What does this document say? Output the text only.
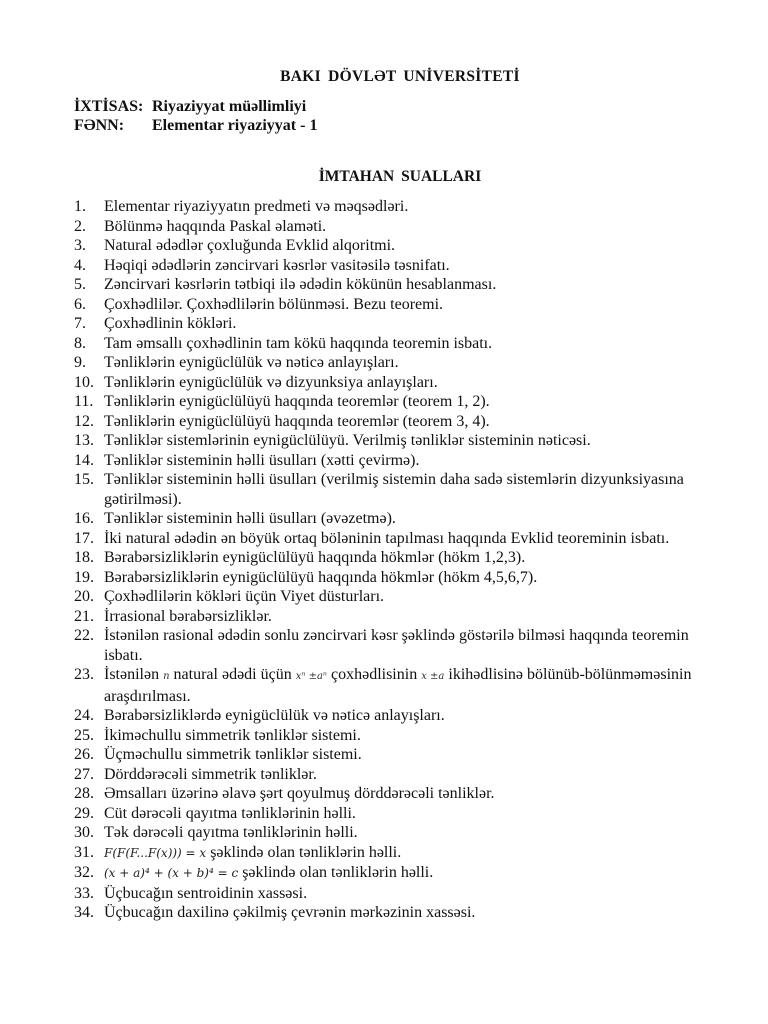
BAKI DÖVLƏT UNİVERSİTETİ
İXTİSAS: Riyaziyyat müəllimliyi
FƏNN: Elementar riyaziyyat - 1
İMTAHAN SUALLARI
1.	Elementar riyaziyyatın predmeti və məqsədləri.
2.	Bölünmə haqqında Paskal əlaməti.
3.	Natural ədədlər çoxluğunda Evklid alqoritmi.
4.	Həqiqi ədədlərin zəncirvari kəsrlər vasitəsilə təsnifatı.
5.	Zəncirvari kəsrlərin tətbiqi ilə ədədin kökünün hesablanması.
6.	Çoxhədlilər. Çoxhədlilərin bölünməsi. Bezu teoremi.
7.	Çoxhədlinin kökləri.
8.	Tam əmsallı çoxhədlinin tam kökü haqqında teoremin isbatı.
9.	Tənliklərin eynigüclülük və nəticə anlayışları.
10. Tənliklərin eynigüclülük və dizyunksiya anlayışları.
11. Tənliklərin eynigüclülüyü haqqında teoremlər (teorem 1, 2).
12. Tənliklərin eynigüclülüyü haqqında teoremlər (teorem 3, 4).
13. Tənliklər sistemlərinin eynigüclülüyü. Verilmiş tənliklər sisteminin nəticəsi.
14. Tənliklər sisteminin həlli üsulları (xətti çevirmə).
15. Tənliklər sisteminin həlli üsulları (verilmiş sistemin daha sadə sistemlərin dizyunksiyasına gətirilməsi).
16. Tənliklər sisteminin həlli üsulları (əvəzetmə).
17. İki natural ədədin ən böyük ortaq böləninin tapılması haqqında Evklid teoreminin isbatı.
18. Bərabərsizliklərin eynigüclülüyü haqqında hökmlər (hökm 1,2,3).
19. Bərabərsizliklərin eynigüclülüyü haqqında hökmlər (hökm 4,5,6,7).
20. Çoxhədlilərin kökləri üçün Viyet düsturları.
21. İrrasional bərabərsizliklər.
22. İstənilən rasional ədədin sonlu zəncirvari kəsr şəklində göstərilə bilməsi haqqında teoremin isbatı.
23. İstənilən n natural ədədi üçün xⁿ ±aⁿ çoxhədlisinin x ±a ikihədlisinə bölünüb-bölünməməsinin araşdırılması.
24. Bərabərsizliklərdə eynigüclülük və nəticə anlayışları.
25. İkiməchullu simmetrik tənliklər sistemi.
26. Üçməchullu simmetrik tənliklər sistemi.
27. Dörddərəcəli simmetrik tənliklər.
28. Əmsalları üzərinə əlavə şərt qoyulmuş dörddərəcəli tənliklər.
29. Cüt dərəcəli qayıtma tənliklərinin həlli.
30. Tək dərəcəli qayıtma tənliklərinin həlli.
31. F(F(F...F(x))) = x şəklində olan tənliklərin həlli.
32. (x + a)⁴ + (x + b)⁴ = c şəklində olan tənliklərin həlli.
33. Üçbucağın sentroidinin xassəsi.
34. Üçbucağın daxilinə çəkilmiş çevrənin mərkəzinin xassəsi.
